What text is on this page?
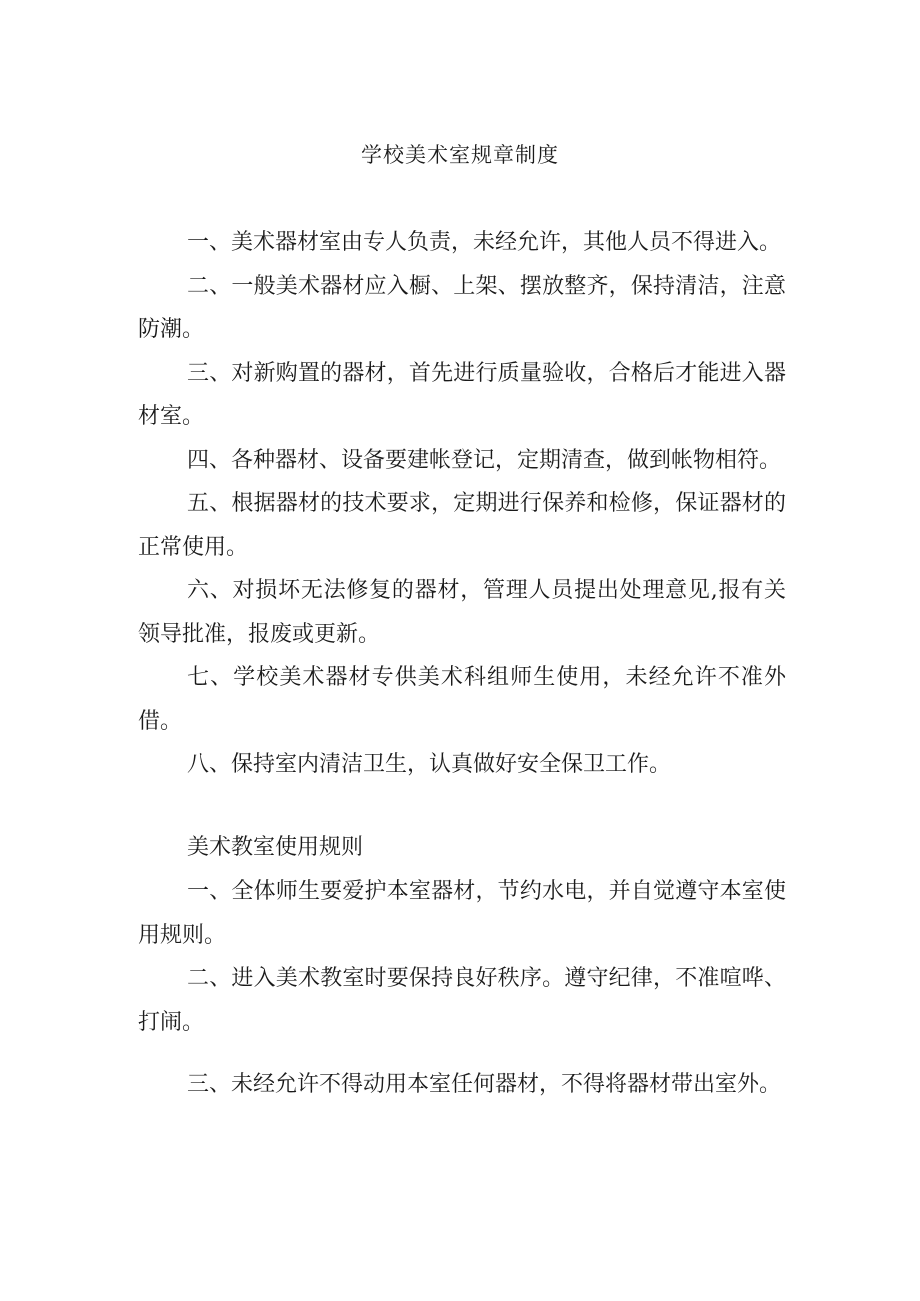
学校美术室规章制度

一、美术器材室由专人负责，未经允许，其他人员不得进入。

二、一般美术器材应入橱、上架、摆放整齐，保持清洁，注意防潮。

三、对新购置的器材，首先进行质量验收，合格后才能进入器材室。

四、各种器材、设备要建帐登记，定期清查，做到帐物相符。

五、根据器材的技术要求，定期进行保养和检修，保证器材的正常使用。

六、对损坏无法修复的器材，管理人员提出处理意见,报有关领导批准，报废或更新。

七、学校美术器材专供美术科组师生使用，未经允许不准外借。

八、保持室内清洁卫生，认真做好安全保卫工作。

美术教室使用规则

一、全体师生要爱护本室器材，节约水电，并自觉遵守本室使用规则。

二、进入美术教室时要保持良好秩序。遵守纪律，不准喧哗、打闹。

三、未经允许不得动用本室任何器材，不得将器材带出室外。
